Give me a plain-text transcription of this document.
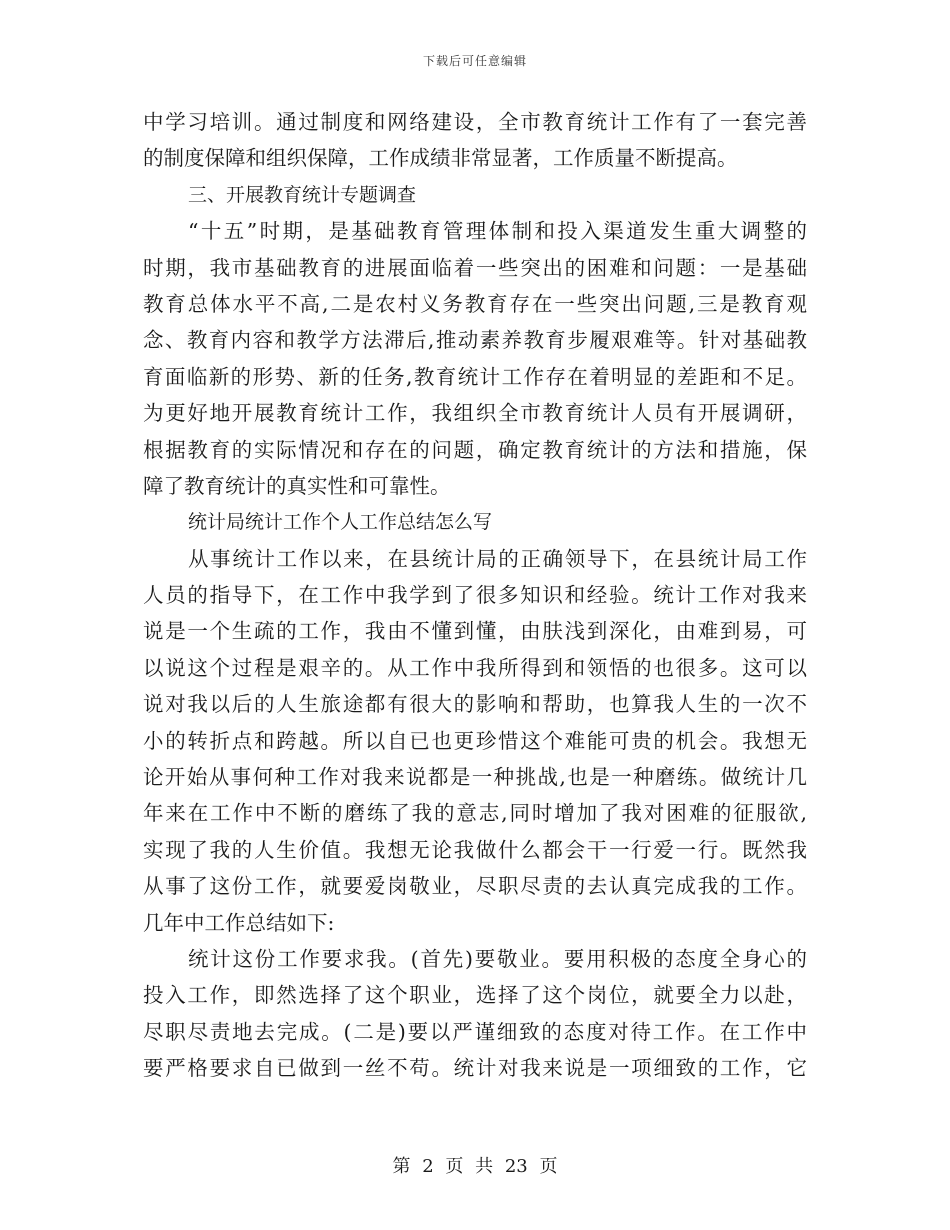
下载后可任意编辑
中学习培训。通过制度和网络建设，全市教育统计工作有了一套完善
的制度保障和组织保障，工作成绩非常显著，工作质量不断提高。
三、开展教育统计专题调查
“十五”时期，是基础教育管理体制和投入渠道发生重大调整的
时期，我市基础教育的进展面临着一些突出的困难和问题：一是基础
教育总体水平不高,二是农村义务教育存在一些突出问题,三是教育观
念、教育内容和教学方法滞后,推动素养教育步履艰难等。针对基础教
育面临新的形势、新的任务,教育统计工作存在着明显的差距和不足。
为更好地开展教育统计工作，我组织全市教育统计人员有开展调研，
根据教育的实际情况和存在的问题，确定教育统计的方法和措施，保
障了教育统计的真实性和可靠性。
统计局统计工作个人工作总结怎么写
从事统计工作以来，在县统计局的正确领导下，在县统计局工作
人员的指导下，在工作中我学到了很多知识和经验。统计工作对我来
说是一个生疏的工作，我由不懂到懂，由肤浅到深化，由难到易，可
以说这个过程是艰辛的。从工作中我所得到和领悟的也很多。这可以
说对我以后的人生旅途都有很大的影响和帮助，也算我人生的一次不
小的转折点和跨越。所以自已也更珍惜这个难能可贵的机会。我想无
论开始从事何种工作对我来说都是一种挑战,也是一种磨练。做统计几
年来在工作中不断的磨练了我的意志,同时增加了我对困难的征服欲,
实现了我的人生价值。我想无论我做什么都会干一行爱一行。既然我
从事了这份工作，就要爱岗敬业，尽职尽责的去认真完成我的工作。
几年中工作总结如下:
统计这份工作要求我。(首先)要敬业。要用积极的态度全身心的
投入工作，即然选择了这个职业，选择了这个岗位，就要全力以赴，
尽职尽责地去完成。(二是)要以严谨细致的态度对待工作。在工作中
要严格要求自已做到一丝不苟。统计对我来说是一项细致的工作，它
第 2 页 共 23 页
